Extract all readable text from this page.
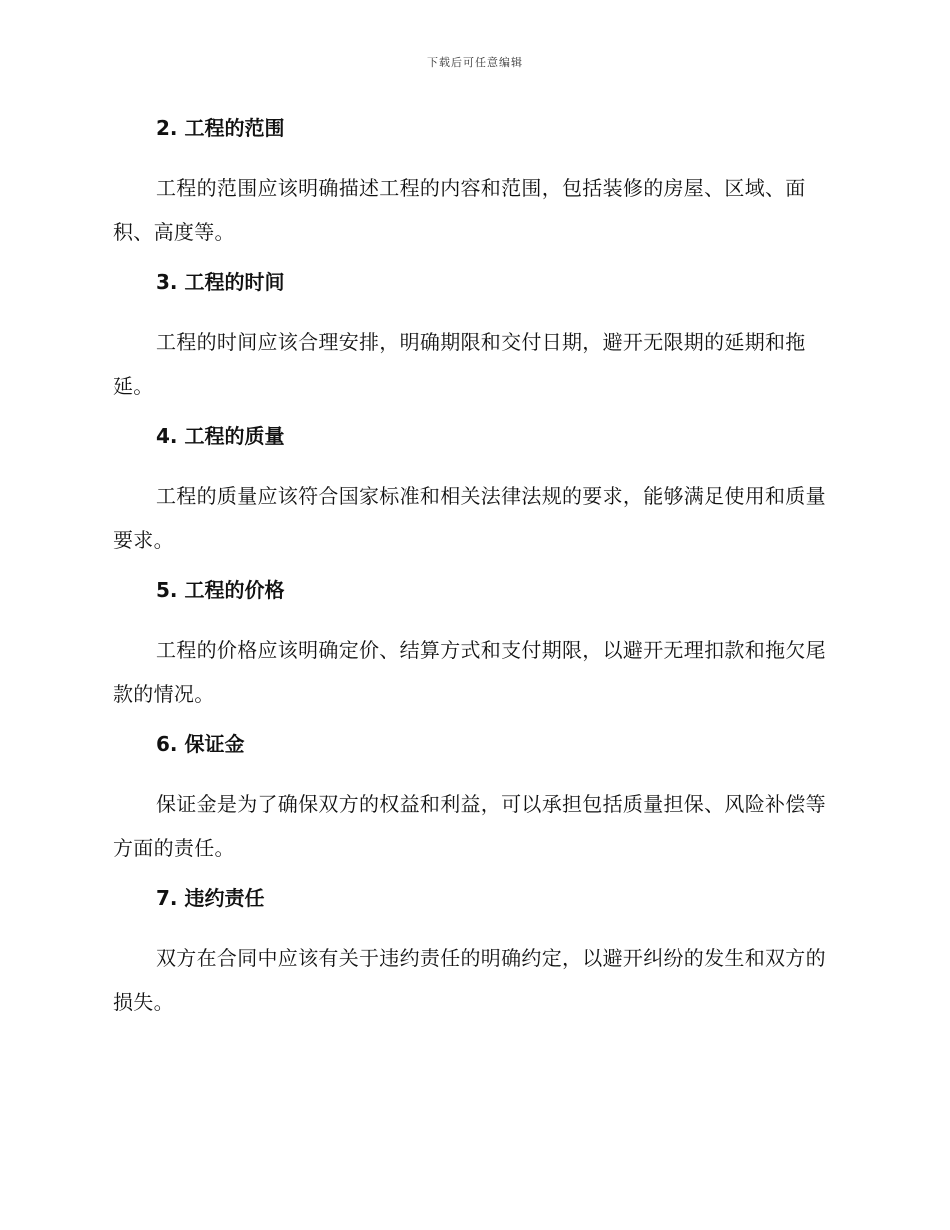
下载后可任意编辑
2. 工程的范围

工程的范围应该明确描述工程的内容和范围，包括装修的房屋、区域、面积、高度等。

3. 工程的时间

工程的时间应该合理安排，明确期限和交付日期，避开无限期的延期和拖延。

4. 工程的质量

工程的质量应该符合国家标准和相关法律法规的要求，能够满足使用和质量要求。

5. 工程的价格

工程的价格应该明确定价、结算方式和支付期限，以避开无理扣款和拖欠尾款的情况。

6. 保证金

保证金是为了确保双方的权益和利益，可以承担包括质量担保、风险补偿等方面的责任。

7. 违约责任

双方在合同中应该有关于违约责任的明确约定，以避开纠纷的发生和双方的损失。
